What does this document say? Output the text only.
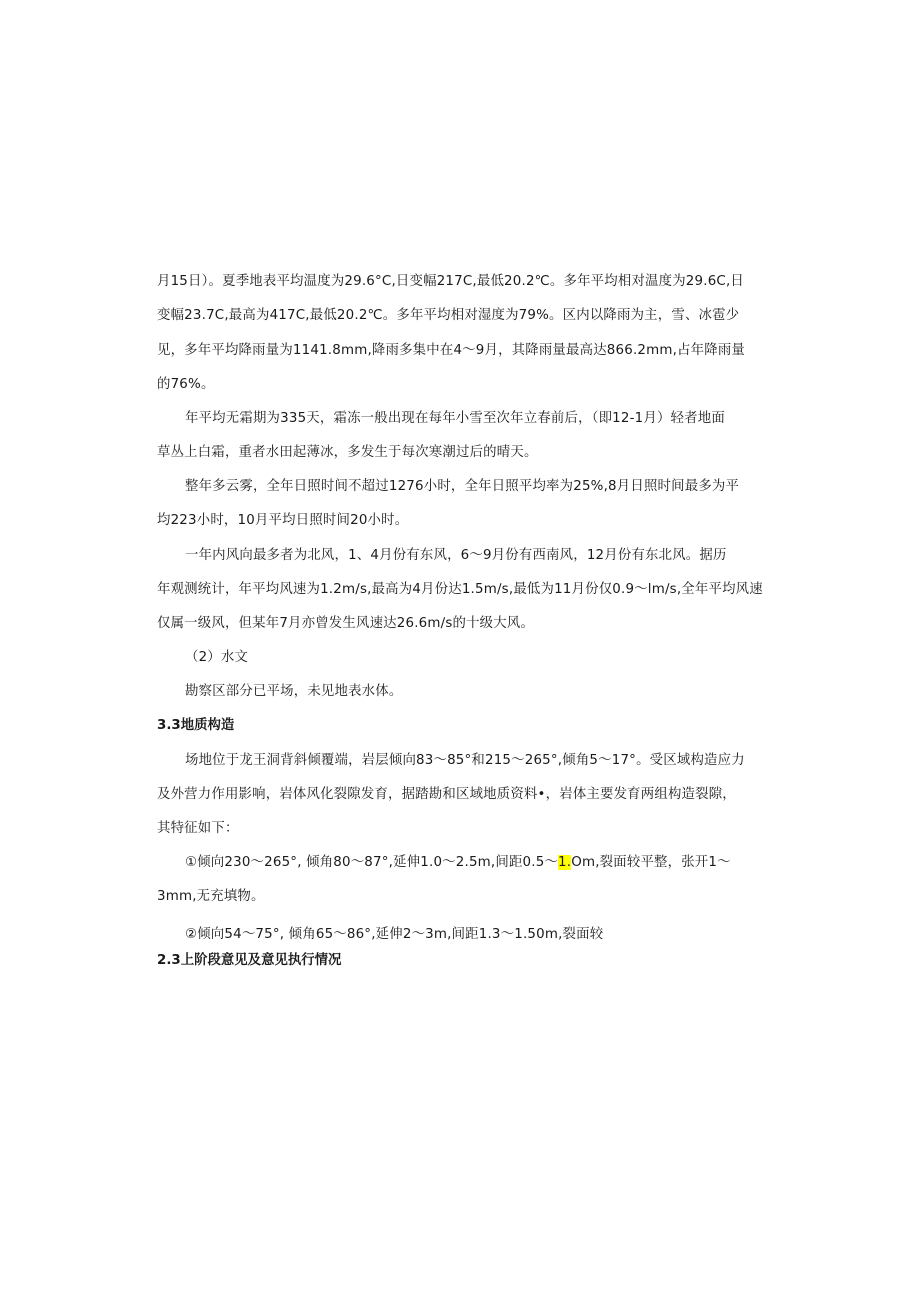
月15日）。夏季地表平均温度为29.6°C,日变幅217C,最低20.2℃。多年平均相对温度为29.6C,日
变幅23.7C,最高为417C,最低20.2℃。多年平均相对湿度为79%。区内以降雨为主，雪、冰雹少
见，多年平均降雨量为1141.8mm,降雨多集中在4～9月，其降雨量最高达866.2mm,占年降雨量
的76%。
年平均无霜期为335天，霜冻一般出现在每年小雪至次年立春前后，（即12-1月）轻者地面
草丛上白霜，重者水田起薄冰，多发生于每次寒潮过后的晴天。
整年多云雾，全年日照时间不超过1276小时，全年日照平均率为25%,8月日照时间最多为平
均223小时，10月平均日照时间20小时。
一年内风向最多者为北风，1、4月份有东风，6～9月份有西南风，12月份有东北风。据历
年观测统计，年平均风速为1.2m∕s,最高为4月份达1.5m∕s,最低为11月份仅0.9～lm∕s,全年平均风速
仅属一级风，但某年7月亦曾发生风速达26.6m∕s的十级大风。
（2）水文
勘察区部分已平场，未见地表水体。
3.3地质构造
场地位于龙王洞背斜倾覆端，岩层倾向83～85°和215～265°,倾角5～17°。受区域构造应力
及外营力作用影响，岩体风化裂隙发育，据踏勘和区域地质资料•，岩体主要发育两组构造裂隙，
其特征如下：
①倾向230～265°, 倾角80～87°,延伸1.0～2.5m,间距0.5～1.Om,裂面较平整，张开1～
3mm,无充填物。
②倾向54～75°, 倾角65～86°,延伸2～3m,间距1.3～1.50m,裂面较
2.3上阶段意见及意见执行情况
